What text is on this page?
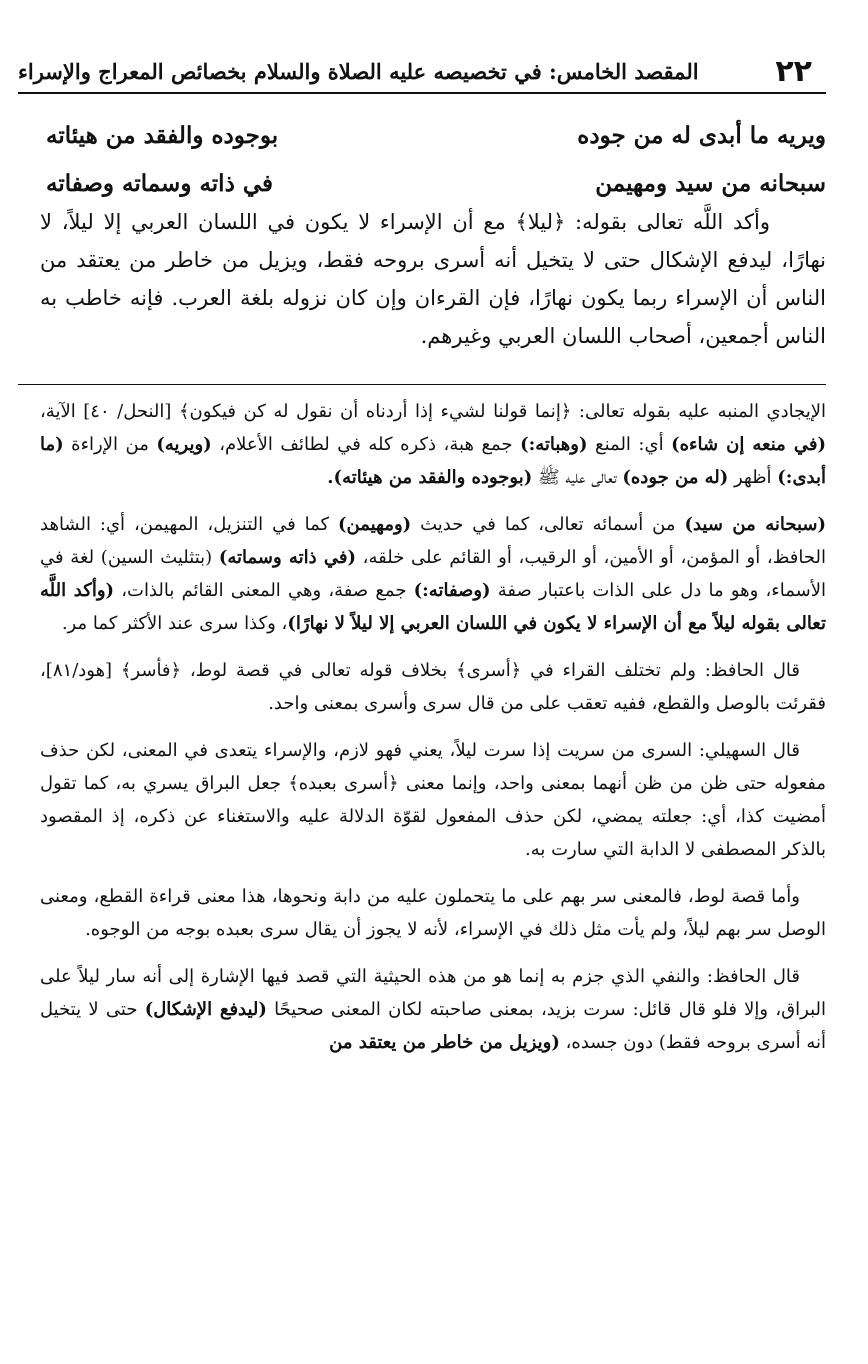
٢٢
المقصد الخامس: في تخصيصه عليه الصلاة والسلام بخصائص المعراج والإسراء
ويريه ما أبدى له من جوده
بوجوده والفقد من هيئاته
سبحانه من سيد ومهيمن
في ذاته وسماته وصفاته

وأكد اللَّه تعالى بقوله: ﴿ليلا﴾ مع أن الإسراء لا يكون في اللسان العربي إلا ليلاً، لا نهارًا، ليدفع الإشكال حتى لا يتخيل أنه أسرى بروحه فقط، ويزيل من خاطر من يعتقد من الناس أن الإسراء ربما يكون نهارًا، فإن القرءان وإن كان نزوله بلغة العرب. فإنه خاطب به الناس أجمعين، أصحاب اللسان العربي وغيرهم.

الإيجادي المنبه عليه بقوله تعالى: ﴿إنما قولنا لشيء إذا أردناه أن نقول له كن فيكون﴾ [النحل/ ٤٠] الآية، (في منعه إن شاءه) أي: المنع (وهباته:) جمع هبة، ذكره كله في لطائف الأعلام، (ويريه) من الإراءة (ما أبدى:) أظهر (له من جوده) تعالى عليه ﷺ (بوجوده والفقد من هيئاته).

(سبحانه من سيد) من أسمائه تعالى، كما في حديث (ومهيمن) كما في التنزيل، المهيمن، أي: الشاهد الحافظ، أو المؤمن، أو الأمين، أو الرقيب، أو القائم على خلقه، (في ذاته وسماته) (بتثليث السين) لغة في الأسماء، وهو ما دل على الذات باعتبار صفة (وصفاته:) جمع صفة، وهي المعنى القائم بالذات، (وأكد اللَّه تعالى بقوله ليلاً مع أن الإسراء لا يكون في اللسان العربي إلا ليلاً لا نهارًا)، وكذا سرى عند الأكثر كما مر.

قال الحافظ: ولم تختلف القراء في ﴿أسرى﴾ بخلاف قوله تعالى في قصة لوط، ﴿فأسر﴾ [هود/٨١]، فقرئت بالوصل والقطع، ففيه تعقب على من قال سرى وأسرى بمعنى واحد.

قال السهيلي: السرى من سريت إذا سرت ليلاً، يعني فهو لازم، والإسراء يتعدى في المعنى، لكن حذف مفعوله حتى ظن من ظن أنهما بمعنى واحد، وإنما معنى ﴿أسرى بعبده﴾ جعل البراق يسري به، كما تقول أمضيت كذا، أي: جعلته يمضي، لكن حذف المفعول لقوّة الدلالة عليه والاستغناء عن ذكره، إذ المقصود بالذكر المصطفى لا الدابة التي سارت به.

وأما قصة لوط، فالمعنى سر بهم على ما يتحملون عليه من دابة ونحوها، هذا معنى قراءة القطع، ومعنى الوصل سر بهم ليلاً، ولم يأت مثل ذلك في الإسراء، لأنه لا يجوز أن يقال سرى بعبده بوجه من الوجوه.

قال الحافظ: والنفي الذي جزم به إنما هو من هذه الحيثية التي قصد فيها الإشارة إلى أنه سار ليلاً على البراق، وإلا فلو قال قائل: سرت بزيد، بمعنى صاحبته لكان المعنى صحيحًا (ليدفع الإشكال) حتى لا يتخيل أنه أسرى بروحه فقط) دون جسده، (ويزيل من خاطر من يعتقد من
